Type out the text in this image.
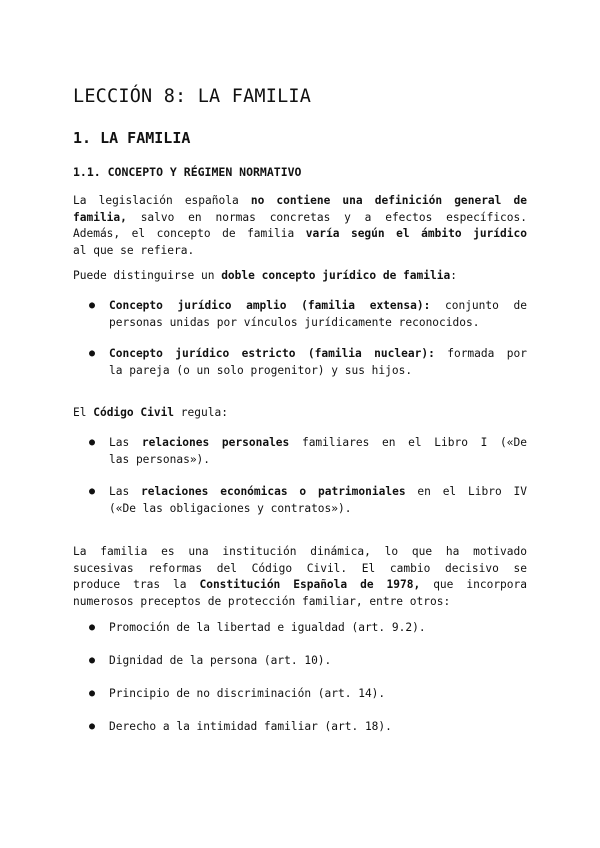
LECCIÓN 8: LA FAMILIA
1. LA FAMILIA
1.1. CONCEPTO Y RÉGIMEN NORMATIVO
La legislación española no contiene una definición general de
familia, salvo en normas concretas y a efectos específicos.
Además, el concepto de familia varía según el ámbito jurídico
al que se refiera.
Puede distinguirse un doble concepto jurídico de familia:
● Concepto jurídico amplio (familia extensa): conjunto de
personas unidas por vínculos jurídicamente reconocidos.
● Concepto jurídico estricto (familia nuclear): formada por
la pareja (o un solo progenitor) y sus hijos.
El Código Civil regula:
● Las relaciones personales familiares en el Libro I («De
las personas»).
● Las relaciones económicas o patrimoniales en el Libro IV
(«De las obligaciones y contratos»).
La familia es una institución dinámica, lo que ha motivado
sucesivas reformas del Código Civil. El cambio decisivo se
produce tras la Constitución Española de 1978, que incorpora
numerosos preceptos de protección familiar, entre otros:
● Promoción de la libertad e igualdad (art. 9.2).
● Dignidad de la persona (art. 10).
● Principio de no discriminación (art. 14).
● Derecho a la intimidad familiar (art. 18).
